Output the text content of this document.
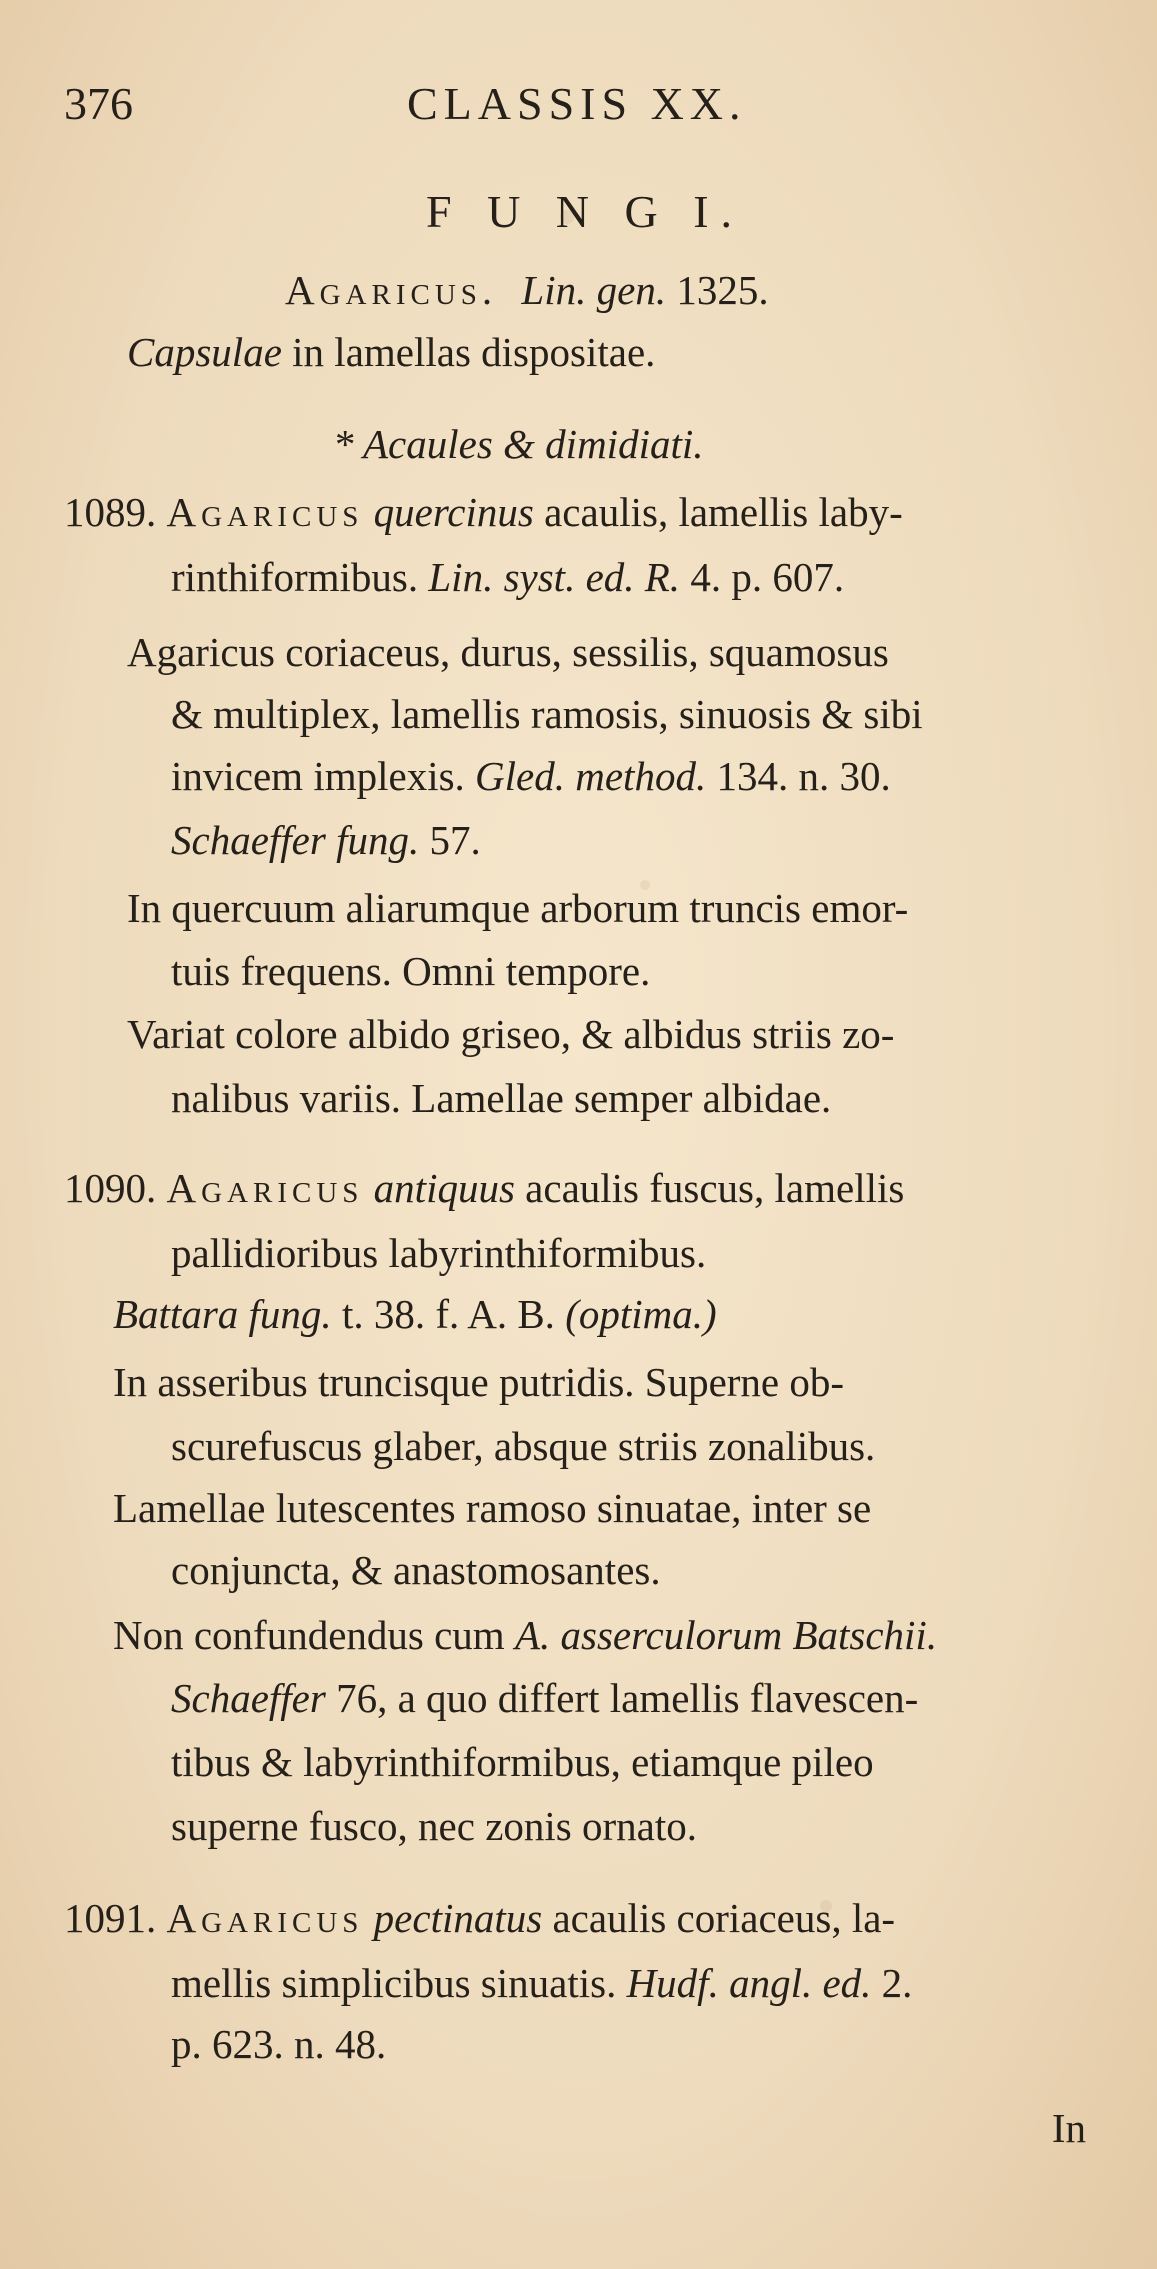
376	CLASSIS XX.
F U N G I.
Agaricus. Lin. gen. 1325.
Capsulae in lamellas dispositae.
* Acaules & dimidiati.
1089. Agaricus quercinus acaulis, lamellis laby-
rinthiformibus. Lin. syst. ed. R. 4. p. 607.
Agaricus coriaceus, durus, sessilis, squamosus
& multiplex, lamellis ramosis, sinuosis & sibi
invicem implexis. Gled. method. 134. n. 30.
Schaeffer fung. 57.
In quercuum aliarumque arborum truncis emor-
tuis frequens. Omni tempore.
Variat colore albido griseo, & albidus striis zo-
nalibus variis. Lamellae semper albidae.
1090. Agaricus antiquus acaulis fuscus, lamellis
pallidioribus labyrinthiformibus.
Battara fung. t. 38. f. A. B. (optima.)
In asseribus truncisque putridis. Superne ob-
scurefuscus glaber, absque striis zonalibus.
Lamellae lutescentes ramoso sinuatae, inter se
conjuncta, & anastomosantes.
Non confundendus cum A. asserculorum Batschii.
Schaeffer 76, a quo differt lamellis flavescen-
tibus & labyrinthiformibus, etiamque pileo
superne fusco, nec zonis ornato.
1091. Agaricus pectinatus acaulis coriaceus, la-
mellis simplicibus sinuatis. Hudf. angl. ed. 2.
p. 623. n. 48.
In
